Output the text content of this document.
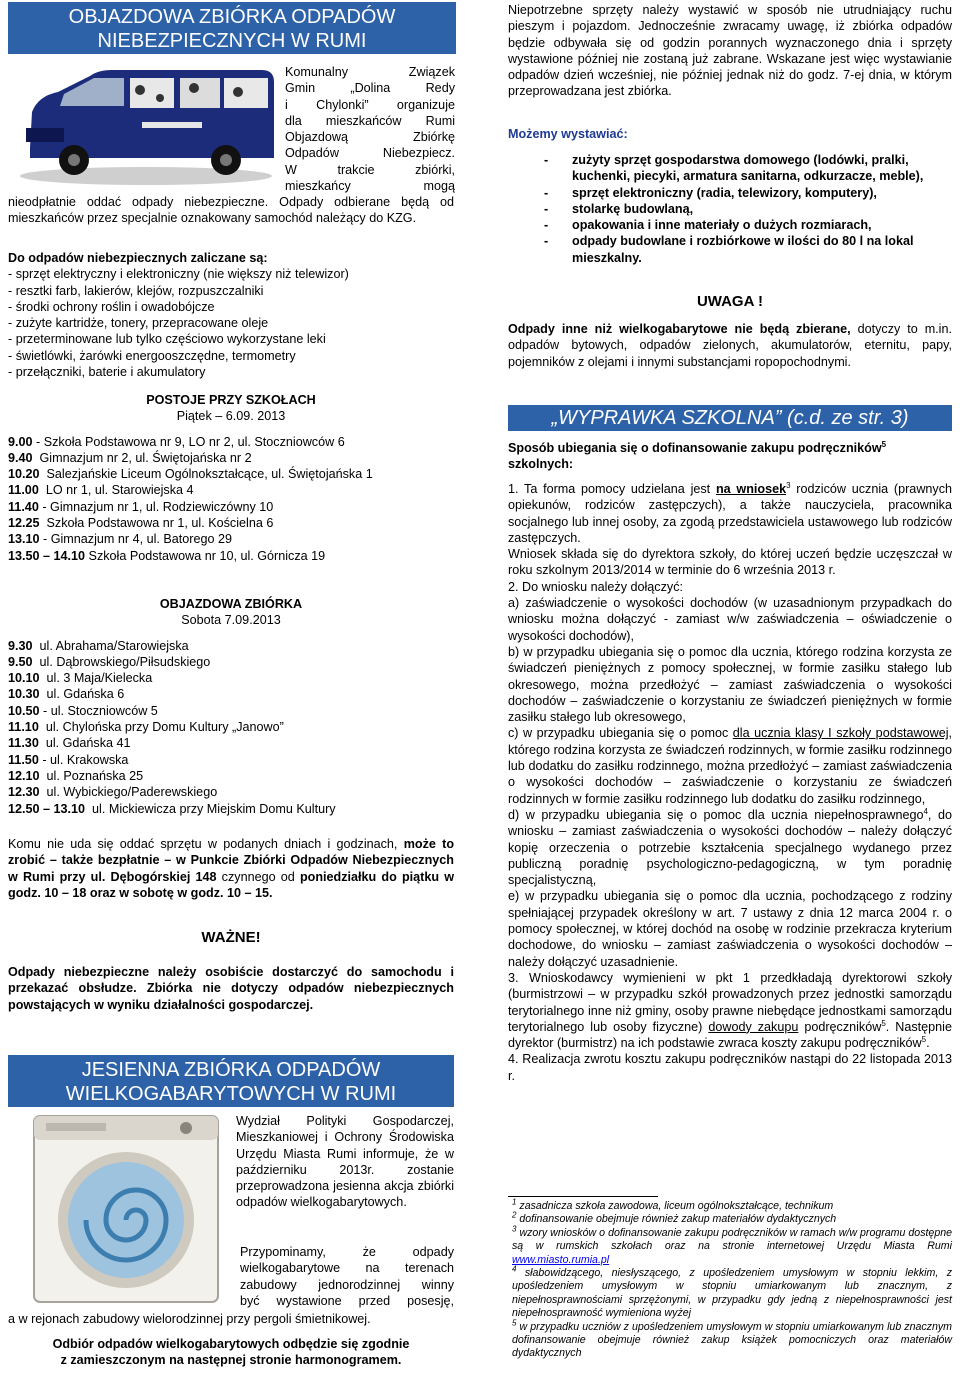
OBJAZDOWA ZBIÓRKA ODPADÓW
NIEBEZPIECZNYCH W RUMI
Komunalny Związek
Gmin „Dolina Redy
i Chylonki” organizuje
dla mieszkańców Rumi
Objazdową Zbiórkę
Odpadów Niebezpiecz.
W trakcie zbiórki,
mieszkańcy mogą

nieodpłatnie oddać odpady niebezpieczne. Odpady odbierane będą od mieszkańców przez specjalnie oznakowany samochód należący do KZG.

Do odpadów niebezpiecznych zaliczane są:
- sprzęt elektryczny i elektroniczny (nie większy niż telewizor)
- resztki farb, lakierów, klejów, rozpuszczalniki
- środki ochrony roślin i owadobójcze
- zużyte kartridże, tonery, przepracowane oleje
- przeterminowane lub tylko częściowo wykorzystane leki
- świetlówki, żarówki energooszczędne, termometry
- przełączniki, baterie i akumulatory
POSTOJE PRZY SZKOŁACH
Piątek – 6.09. 2013
9.00 - Szkoła Podstawowa nr 9, LO nr 2, ul. Stoczniowców 6
9.40  Gimnazjum nr 2, ul. Świętojańska nr 2
10.20  Salezjańskie Liceum Ogólnokształcące, ul. Świętojańska 1
11.00  LO nr 1, ul. Starowiejska 4
11.40 - Gimnazjum nr 1, ul. Rodziewiczówny 10
12.25  Szkoła Podstawowa nr 1, ul. Kościelna 6
13.10 - Gimnazjum nr 4, ul. Batorego 29
13.50 – 14.10 Szkoła Podstawowa nr 10, ul. Górnicza 19
OBJAZDOWA ZBIÓRKA
Sobota 7.09.2013
9.30  ul. Abrahama/Starowiejska
9.50  ul. Dąbrowskiego/Piłsudskiego
10.10  ul. 3 Maja/Kielecka
10.30  ul. Gdańska 6
10.50 - ul. Stoczniowców 5
11.10  ul. Chylońska przy Domu Kultury „Janowo”
11.30  ul. Gdańska 41
11.50 - ul. Krakowska
12.10  ul. Poznańska 25
12.30  ul. Wybickiego/Paderewskiego
12.50 – 13.10  ul. Mickiewicza przy Miejskim Domu Kultury

Komu nie uda się oddać sprzętu w podanych dniach i godzinach, może to zrobić – także bezpłatnie – w Punkcie Zbiórki Odpadów Niebezpiecznych w Rumi przy ul. Dębogórskiej 148 czynnego od poniedziałku do piątku w godz. 10 – 18 oraz w sobotę w godz. 10 – 15.

WAŻNE!

Odpady niebezpieczne należy osobiście dostarczyć do samochodu i przekazać obsłudze. Zbiórka nie dotyczy odpadów niebezpiecznych powstających w wyniku działalności gospodarczej.

JESIENNA ZBIÓRKA ODPADÓW
WIELKOGABARYTOWYCH W RUMI

Wydział Polityki Gospodarczej, Mieszkaniowej i Ochrony Środowiska Urzędu Miasta Rumi informuje, że w październiku 2013r. zostanie przeprowadzona jesienna akcja zbiórki odpadów wielkogabarytowych.

Przypominamy, że odpady
wielkogabarytowe na terenach
zabudowy jednorodzinnej winny
być wystawione przed posesję,

a w rejonach zabudowy wielorodzinnej przy pergoli śmietnikowej.

Odbiór odpadów wielkogabarytowych odbędzie się zgodnie
z zamieszczonym na następnej stronie harmonogramem.

Niepotrzebne sprzęty należy wystawić w sposób nie utrudniający ruchu pieszym i pojazdom. Jednocześnie zwracamy uwagę, iż zbiórka odpadów będzie odbywała się od godzin porannych wyznaczonego dnia i sprzęty wystawione później nie zostaną już zabrane. Wskazane jest więc wystawianie odpadów dzień wcześniej, nie później jednak niż do godz. 7-ej dnia, w którym przeprowadzana jest zbiórka.

Możemy wystawiać:
- zużyty sprzęt gospodarstwa domowego (lodówki, pralki, kuchenki, piecyki, armatura sanitarna, odkurzacze, meble),
- sprzęt elektroniczny (radia, telewizory, komputery),
- stolarkę budowlaną,
- opakowania i inne materiały o dużych rozmiarach,
- odpady budowlane i rozbiórkowe w ilości do 80 l na lokal mieszkalny.
UWAGA !

Odpady inne niż wielkogabarytowe nie będą zbierane, dotyczy to m.in. odpadów bytowych, odpadów zielonych, akumulatorów, eternitu, papy, pojemników z olejami i innymi substancjami ropopochodnymi.

„WYPRAWKA SZKOLNA” (c.d. ze str. 3)
Sposób ubiegania się o dofinansowanie zakupu podręczników$^5$ szkolnych:

1. Ta forma pomocy udzielana jest na wniosek$^3$ rodziców ucznia (prawnych opiekunów, rodziców zastępczych), a także nauczyciela, pracownika socjalnego lub innej osoby, za zgodą przedstawiciela ustawowego lub rodziców zastępczych.

Wniosek składa się do dyrektora szkoły, do której uczeń będzie uczęszczał w roku szkolnym 2013/2014 w terminie do 6 września 2013 r.

2. Do wniosku należy dołączyć:

a) zaświadczenie o wysokości dochodów (w uzasadnionym przypadkach do wniosku można dołączyć - zamiast w/w zaświadczenia – oświadczenie o wysokości dochodów),

b) w przypadku ubiegania się o pomoc dla ucznia, którego rodzina korzysta ze świadczeń pieniężnych z pomocy społecznej, w formie zasiłku stałego lub okresowego, można przedłożyć – zamiast zaświadczenia o wysokości dochodów – zaświadczenie o korzystaniu ze świadczeń pieniężnych w formie zasiłku stałego lub okresowego,

c) w przypadku ubiegania się o pomoc dla ucznia klasy I szkoły podstawowej, którego rodzina korzysta ze świadczeń rodzinnych, w formie zasiłku rodzinnego lub dodatku do zasiłku rodzinnego, można przedłożyć – zamiast zaświadczenia o wysokości dochodów – zaświadczenie o korzystaniu ze świadczeń rodzinnych w formie zasiłku rodzinnego lub dodatku do zasiłku rodzinnego,

d) w przypadku ubiegania się o pomoc dla ucznia niepełnosprawnego$^4$, do wniosku – zamiast zaświadczenia o wysokości dochodów – należy dołączyć kopię orzeczenia o potrzebie kształcenia specjalnego wydanego przez publiczną poradnię psychologiczno-pedagogiczną, w tym poradnię specjalistyczną,

e) w przypadku ubiegania się o pomoc dla ucznia, pochodzącego z rodziny spełniającej przypadek określony w art. 7 ustawy z dnia 12 marca 2004 r. o pomocy społecznej, w której dochód na osobę w rodzinie przekracza kryterium dochodowe, do wniosku – zamiast zaświadczenia o wysokości dochodów – należy dołączyć uzasadnienie.

3. Wnioskodawcy wymienieni w pkt 1 przedkładają dyrektorowi szkoły (burmistrzowi – w przypadku szkół prowadzonych przez jednostki samorządu terytorialnego inne niż gminy, osoby prawne niebędące jednostkami samorządu terytorialnego lub osoby fizyczne) dowody zakupu podręczników$^5$. Następnie dyrektor (burmistrz) na ich podstawie zwraca koszty zakupu podręczników$^5$.

4. Realizacja zwrotu kosztu zakupu podręczników nastąpi do 22 listopada 2013 r.

$^1$ zasadnicza szkoła zawodowa, liceum ogólnokształcące, technikum

$^2$ dofinansowanie obejmuje również zakup materiałów dydaktycznych

$^3$ wzory wniosków o dofinansowanie zakupu podręczników w ramach w/w programu dostępne są w rumskich szkołach oraz na stronie internetowej Urzędu Miasta Rumi www.miasto.rumia.pl

$^4$ słabowidzącego, niesłyszącego, z upośledzeniem umysłowym w stopniu lekkim, z upośledzeniem umysłowym w stopniu umiarkowanym lub znacznym, z niepełnosprawnościami sprzężonymi, w przypadku gdy jedną z niepełnosprawności jest niepełnosprawność wymieniona wyżej

$^5$ w przypadku uczniów z upośledzeniem umysłowym w stopniu umiarkowanym lub znacznym dofinansowanie obejmuje również zakup książek pomocniczych oraz materiałów dydaktycznych
